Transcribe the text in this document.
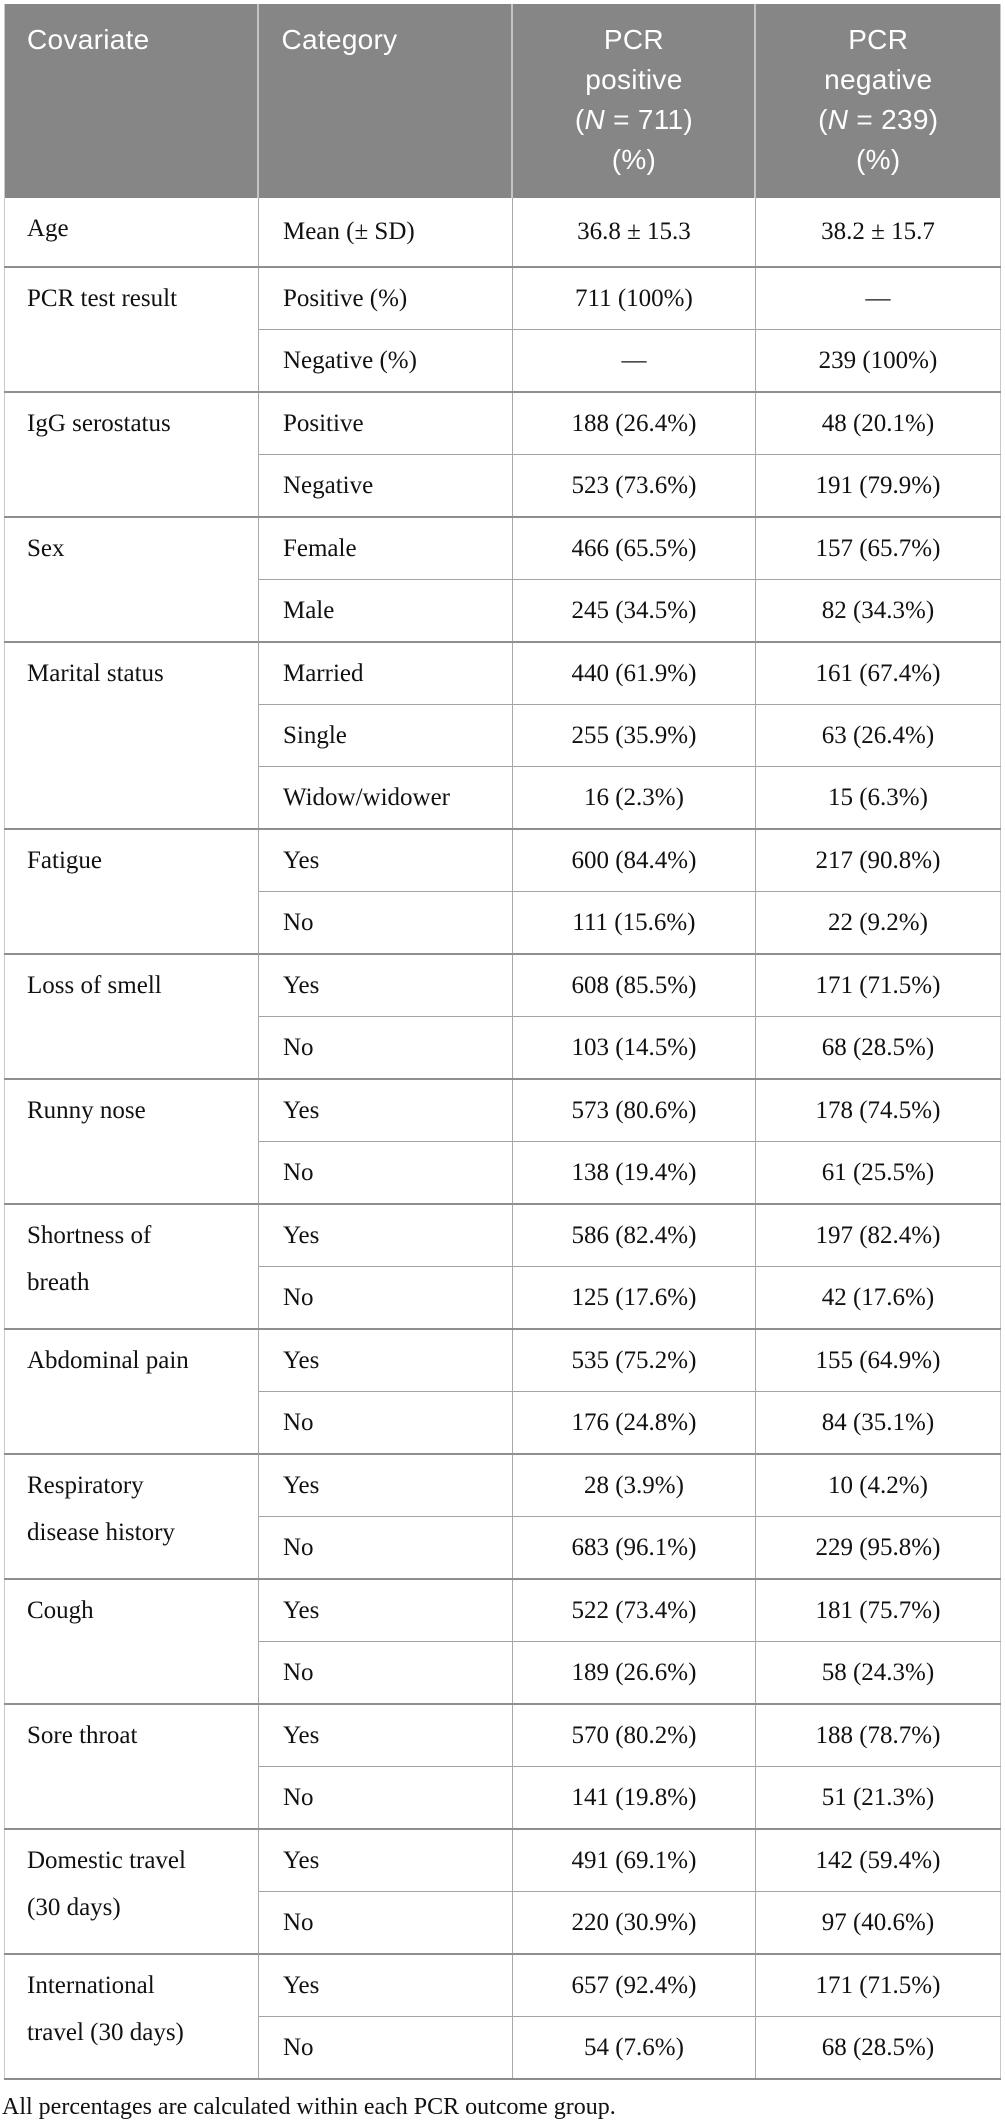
Covariate	Category	PCR
positive
(N = 711)
(%)	PCR
negative
(N = 239)
(%)
Age	Mean (± SD)	36.8 ± 15.3	38.2 ± 15.7
PCR test result	Positive (%)	711 (100%)	—
	Negative (%)	—	239 (100%)
IgG serostatus	Positive	188 (26.4%)	48 (20.1%)
	Negative	523 (73.6%)	191 (79.9%)
Sex	Female	466 (65.5%)	157 (65.7%)
	Male	245 (34.5%)	82 (34.3%)
Marital status	Married	440 (61.9%)	161 (67.4%)
	Single	255 (35.9%)	63 (26.4%)
	Widow/widower	16 (2.3%)	15 (6.3%)
Fatigue	Yes	600 (84.4%)	217 (90.8%)
	No	111 (15.6%)	22 (9.2%)
Loss of smell	Yes	608 (85.5%)	171 (71.5%)
	No	103 (14.5%)	68 (28.5%)
Runny nose	Yes	573 (80.6%)	178 (74.5%)
	No	138 (19.4%)	61 (25.5%)
Shortness of
breath	Yes	586 (82.4%)	197 (82.4%)
	No	125 (17.6%)	42 (17.6%)
Abdominal pain	Yes	535 (75.2%)	155 (64.9%)
	No	176 (24.8%)	84 (35.1%)
Respiratory
disease history	Yes	28 (3.9%)	10 (4.2%)
	No	683 (96.1%)	229 (95.8%)
Cough	Yes	522 (73.4%)	181 (75.7%)
	No	189 (26.6%)	58 (24.3%)
Sore throat	Yes	570 (80.2%)	188 (78.7%)
	No	141 (19.8%)	51 (21.3%)
Domestic travel
(30 days)	Yes	491 (69.1%)	142 (59.4%)
	No	220 (30.9%)	97 (40.6%)
International
travel (30 days)	Yes	657 (92.4%)	171 (71.5%)
	No	54 (7.6%)	68 (28.5%)
All percentages are calculated within each PCR outcome group.
